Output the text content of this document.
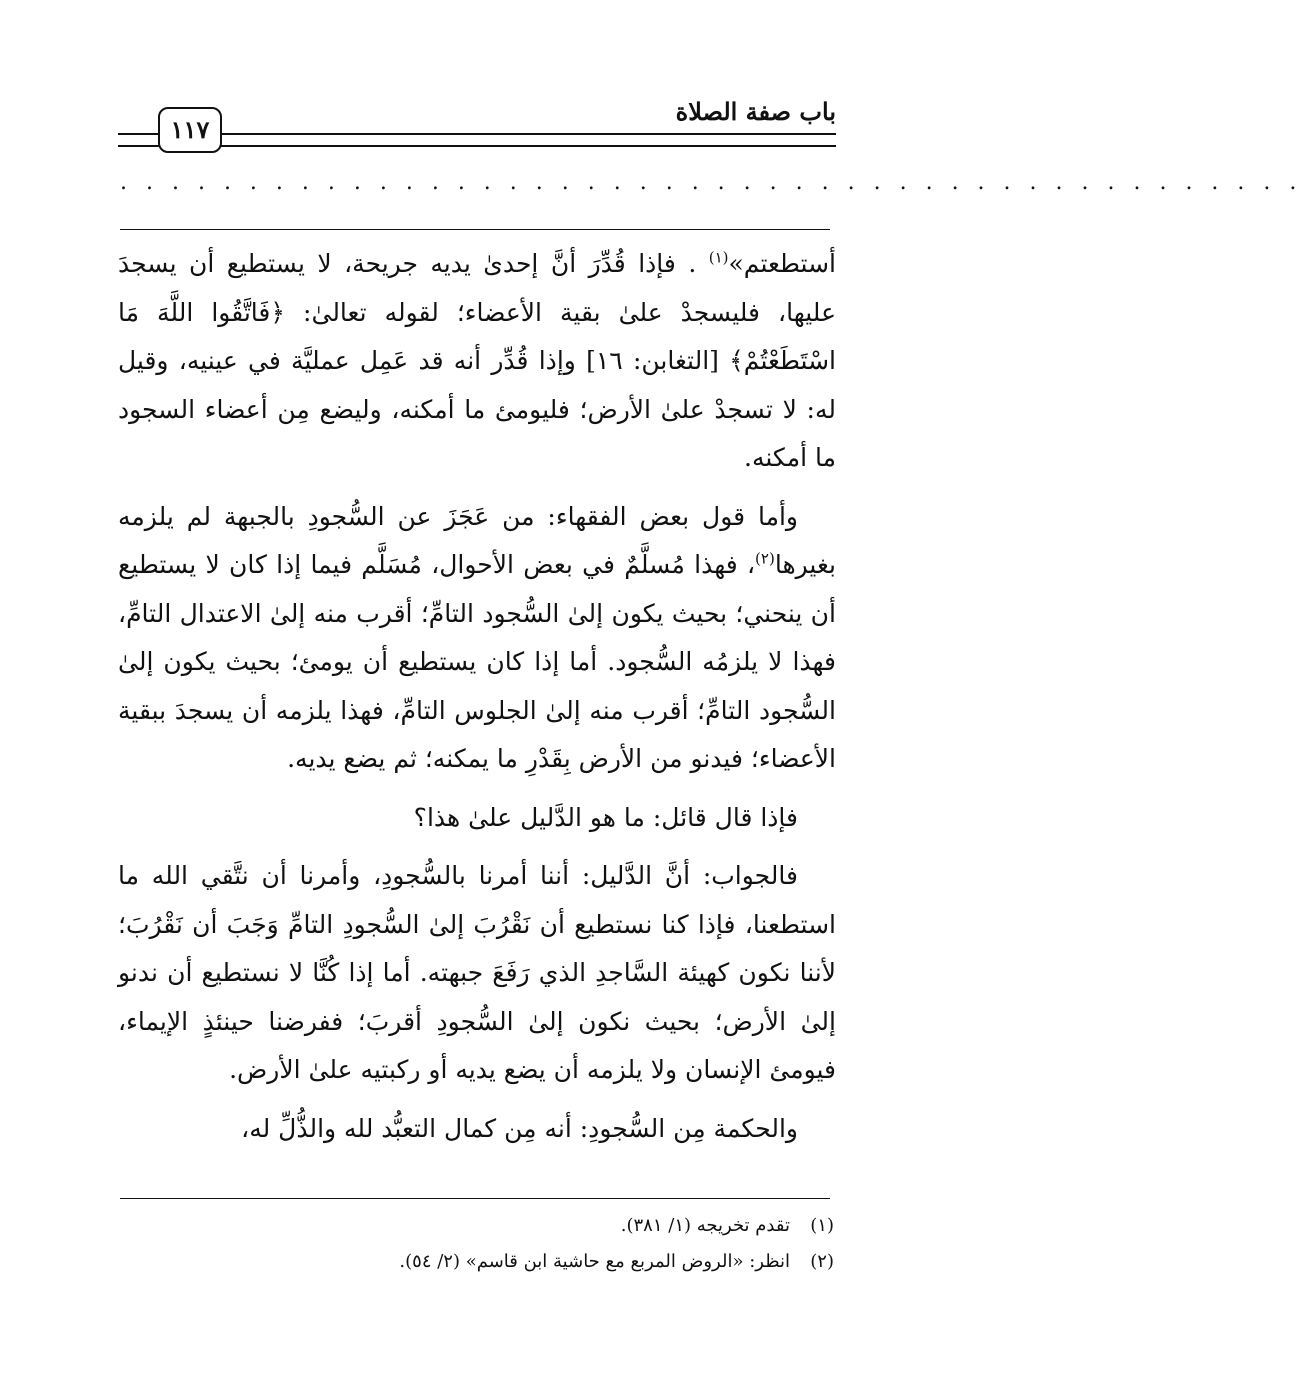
باب صفة الصلاة
١١٧
. . . . . . . . . . . . . . . . . . . . . . . . . . . . . . . . . . . . . . . . . . . . . .

أستطعتم»$^{(١)}$ . فإذا قُدِّرَ أنَّ إحدىٰ يديه جريحة، لا يستطيع أن يسجدَ عليها، فليسجدْ علىٰ بقية الأعضاء؛ لقوله تعالىٰ: ﴿فَاتَّقُوا اللَّهَ مَا اسْتَطَعْتُمْ﴾ [التغابن: ١٦] وإذا قُدِّر أنه قد عَمِل عمليَّة في عينيه، وقيل له: لا تسجدْ علىٰ الأرض؛ فليومئ ما أمكنه، وليضع مِن أعضاء السجود ما أمكنه.

وأما قول بعض الفقهاء: من عَجَزَ عن السُّجودِ بالجبهة لم يلزمه بغيرها$^{(٢)}$، فهذا مُسلَّمٌ في بعض الأحوال، مُسَلَّم فيما إذا كان لا يستطيع أن ينحني؛ بحيث يكون إلىٰ السُّجود التامِّ؛ أقرب منه إلىٰ الاعتدال التامِّ، فهذا لا يلزمُه السُّجود. أما إذا كان يستطيع أن يومئ؛ بحيث يكون إلىٰ السُّجود التامِّ؛ أقرب منه إلىٰ الجلوس التامِّ، فهذا يلزمه أن يسجدَ ببقية الأعضاء؛ فيدنو من الأرض بِقَدْرِ ما يمكنه؛ ثم يضع يديه.

فإذا قال قائل: ما هو الدَّليل علىٰ هذا؟

فالجواب: أنَّ الدَّليل: أننا أمرنا بالسُّجودِ، وأمرنا أن نتَّقي الله ما استطعنا، فإذا كنا نستطيع أن نَقْرُبَ إلىٰ السُّجودِ التامِّ وَجَبَ أن نَقْرُبَ؛ لأننا نكون كهيئة السَّاجدِ الذي رَفَعَ جبهته. أما إذا كُنَّا لا نستطيع أن ندنو إلىٰ الأرض؛ بحيث نكون إلىٰ السُّجودِ أقربَ؛ ففرضنا حينئذٍ الإيماء، فيومئ الإنسان ولا يلزمه أن يضع يديه أو ركبتيه علىٰ الأرض.

والحكمة مِن السُّجودِ: أنه مِن كمال التعبُّد لله والذُّلِّ له،

(١)
تقدم تخريجه (١/ ٣٨١).
(٢)
انظر: «الروض المربع مع حاشية ابن قاسم» (٢/ ٥٤).
